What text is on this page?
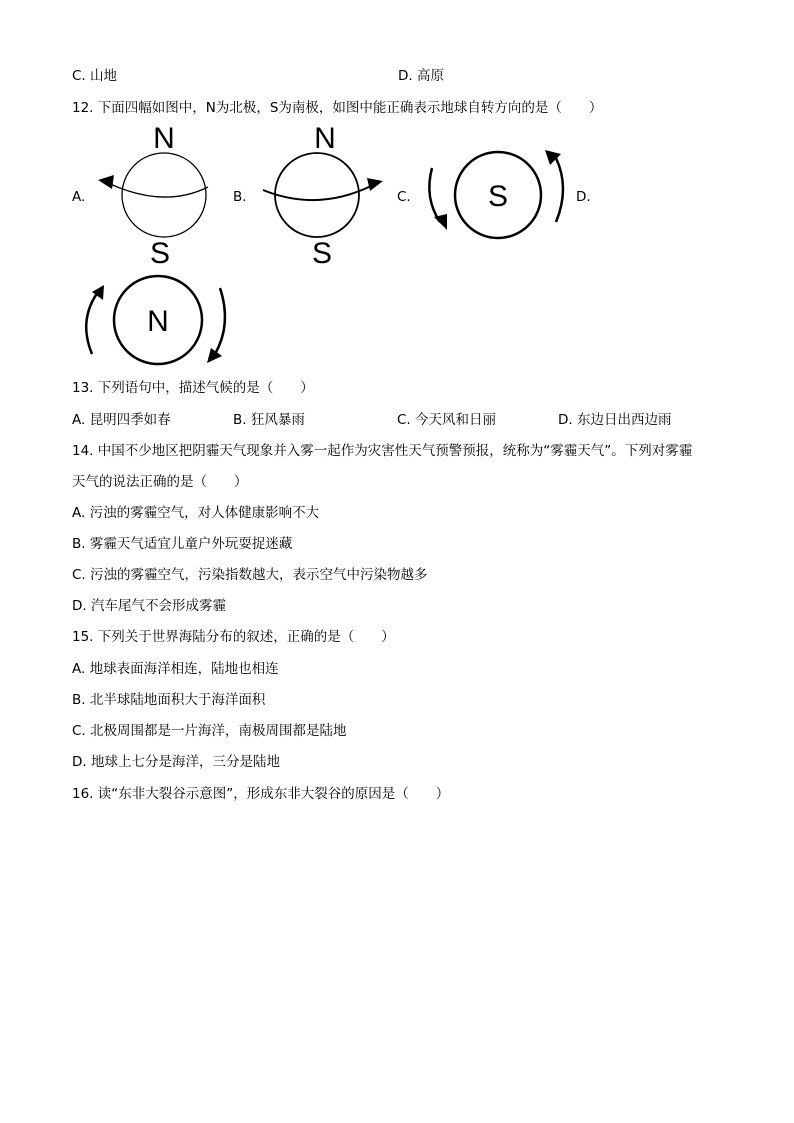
C. 山地	D. 高原
12. 下面四幅如图中，N为北极，S为南极，如图中能正确表示地球自转方向的是（　　）
A.	B.	C.	D.
N
S
N
S
S
N
13. 下列语句中，描述气候的是（　　）
A. 昆明四季如春	B. 狂风暴雨	C. 今天风和日丽	D. 东边日出西边雨
14. 中国不少地区把阴霾天气现象并入雾一起作为灾害性天气预警预报，统称为“雾霾天气”。下列对雾霾
天气的说法正确的是（　　）
A. 污浊的雾霾空气，对人体健康影响不大
B. 雾霾天气适宜儿童户外玩耍捉迷藏
C. 污浊的雾霾空气，污染指数越大，表示空气中污染物越多
D. 汽车尾气不会形成雾霾
15. 下列关于世界海陆分布的叙述，正确的是（　　）
A. 地球表面海洋相连，陆地也相连
B. 北半球陆地面积大于海洋面积
C. 北极周围都是一片海洋，南极周围都是陆地
D. 地球上七分是海洋，三分是陆地
16. 读“东非大裂谷示意图”，形成东非大裂谷的原因是（　　）
